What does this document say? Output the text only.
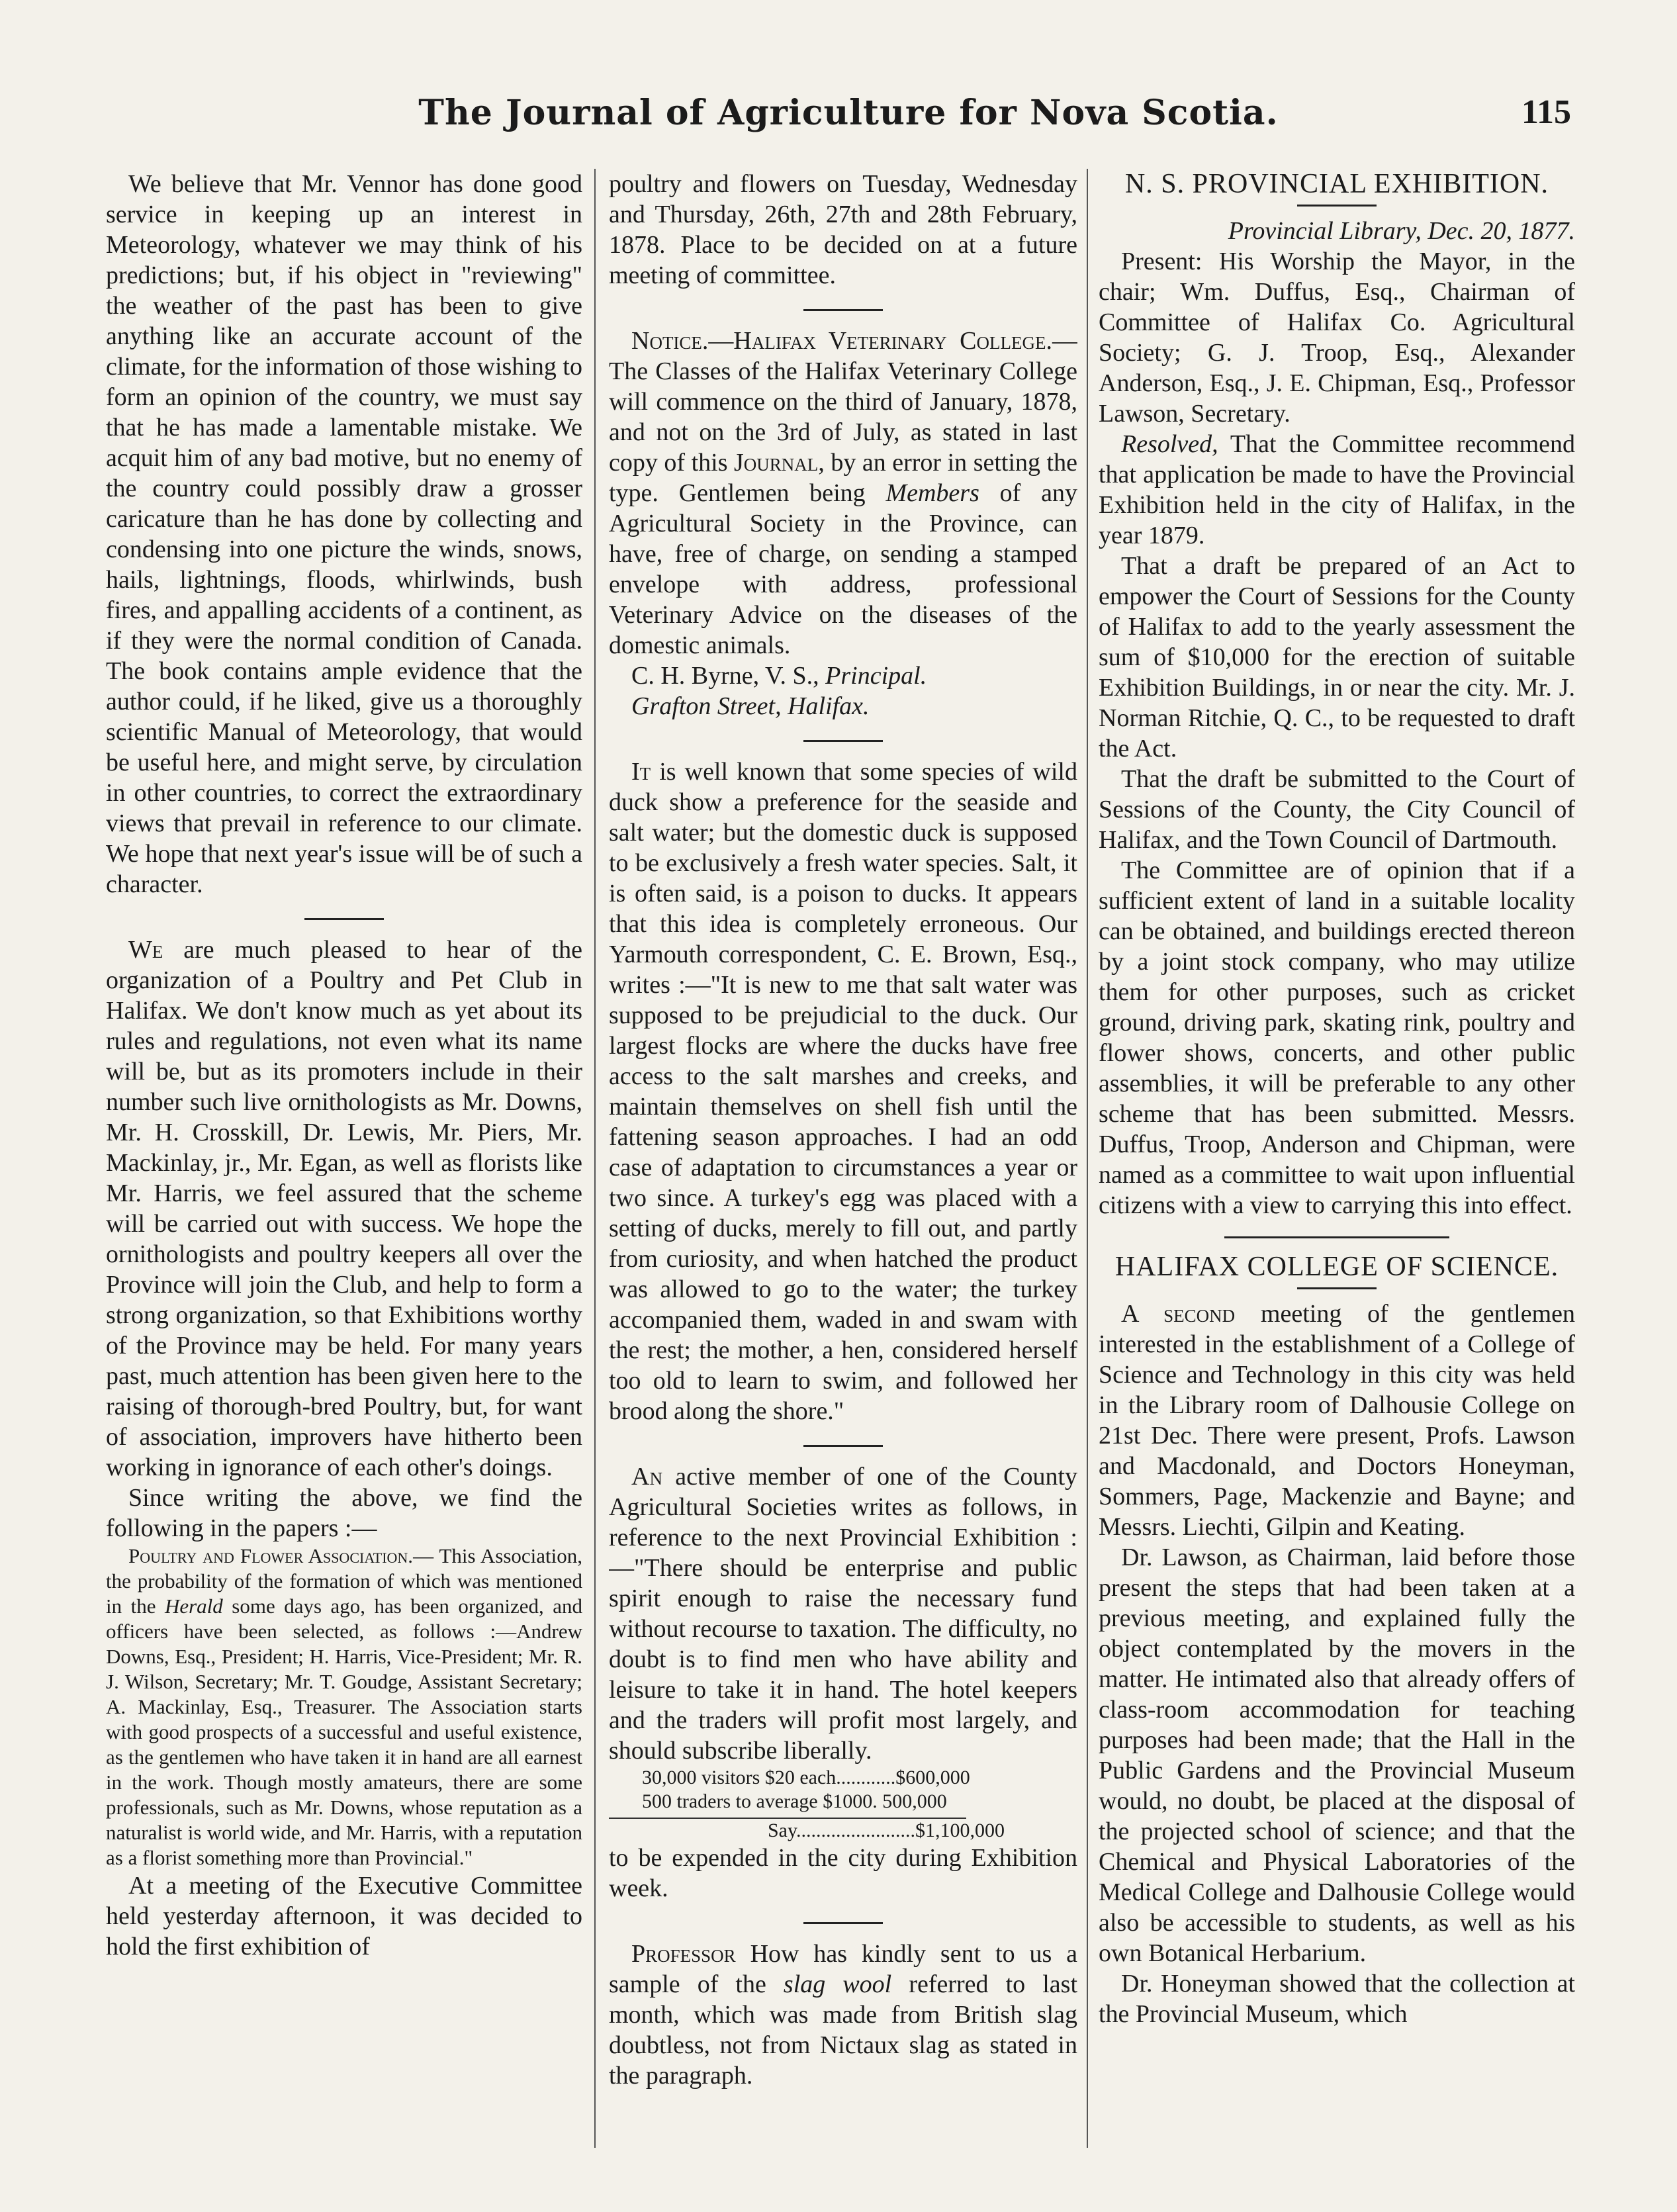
The Journal of Agriculture for Nova Scotia.	115

We believe that Mr. Vennor has done good service in keeping up an interest in Meteorology, whatever we may think of his predictions; but, if his object in "reviewing" the weather of the past has been to give anything like an accurate account of the climate, for the information of those wishing to form an opinion of the country, we must say that he has made a lamentable mistake. We acquit him of any bad motive, but no enemy of the country could possibly draw a grosser caricature than he has done by collecting and condensing into one picture the winds, snows, hails, lightnings, floods, whirlwinds, bush fires, and appalling accidents of a continent, as if they were the normal condition of Canada. The book contains ample evidence that the author could, if he liked, give us a thoroughly scientific Manual of Meteorology, that would be useful here, and might serve, by circulation in other countries, to correct the extraordinary views that prevail in reference to our climate. We hope that next year's issue will be of such a character.

We are much pleased to hear of the organization of a Poultry and Pet Club in Halifax. We don't know much as yet about its rules and regulations, not even what its name will be, but as its promoters include in their number such live ornithologists as Mr. Downs, Mr. H. Crosskill, Dr. Lewis, Mr. Piers, Mr. Mackinlay, jr., Mr. Egan, as well as florists like Mr. Harris, we feel assured that the scheme will be carried out with success. We hope the ornithologists and poultry keepers all over the Province will join the Club, and help to form a strong organization, so that Exhibitions worthy of the Province may be held. For many years past, much attention has been given here to the raising of thorough-bred Poultry, but, for want of association, improvers have hitherto been working in ignorance of each other's doings.

Since writing the above, we find the following in the papers :—

Poultry and Flower Association.— This Association, the probability of the formation of which was mentioned in the Herald some days ago, has been organized, and officers have been selected, as follows :—Andrew Downs, Esq., President; H. Harris, Vice-President; Mr. R. J. Wilson, Secretary; Mr. T. Goudge, Assistant Secretary; A. Mackinlay, Esq., Treasurer. The Association starts with good prospects of a successful and useful existence, as the gentlemen who have taken it in hand are all earnest in the work. Though mostly amateurs, there are some professionals, such as Mr. Downs, whose reputation as a naturalist is world wide, and Mr. Harris, with a reputation as a florist something more than Provincial."

At a meeting of the Executive Committee held yesterday afternoon, it was decided to hold the first exhibition of

poultry and flowers on Tuesday, Wednesday and Thursday, 26th, 27th and 28th February, 1878. Place to be decided on at a future meeting of committee.

Notice.—Halifax Veterinary College.—The Classes of the Halifax Veterinary College will commence on the third of January, 1878, and not on the 3rd of July, as stated in last copy of this Journal, by an error in setting the type. Gentlemen being Members of any Agricultural Society in the Province, can have, free of charge, on sending a stamped envelope with address, professional Veterinary Advice on the diseases of the domestic animals.

C. H. Byrne, V. S., Principal.

Grafton Street, Halifax.

It is well known that some species of wild duck show a preference for the seaside and salt water; but the domestic duck is supposed to be exclusively a fresh water species. Salt, it is often said, is a poison to ducks. It appears that this idea is completely erroneous. Our Yarmouth correspondent, C. E. Brown, Esq., writes :—"It is new to me that salt water was supposed to be prejudicial to the duck. Our largest flocks are where the ducks have free access to the salt marshes and creeks, and maintain themselves on shell fish until the fattening season approaches. I had an odd case of adaptation to circumstances a year or two since. A turkey's egg was placed with a setting of ducks, merely to fill out, and partly from curiosity, and when hatched the product was allowed to go to the water; the turkey accompanied them, waded in and swam with the rest; the mother, a hen, considered herself too old to learn to swim, and followed her brood along the shore."

An active member of one of the County Agricultural Societies writes as follows, in reference to the next Provincial Exhibition :—"There should be enterprise and public spirit enough to raise the necessary fund without recourse to taxation. The difficulty, no doubt is to find men who have ability and leisure to take it in hand. The hotel keepers and the traders will profit most largely, and should subscribe liberally.

30,000 visitors $20 each............$600,000
500 traders to average $1000. 500,000
Say........................$1,100,000

to be expended in the city during Exhibition week.

Professor How has kindly sent to us a sample of the slag wool referred to last month, which was made from British slag doubtless, not from Nictaux slag as stated in the paragraph.

N. S. PROVINCIAL EXHIBITION.

Provincial Library, Dec. 20, 1877.

Present: His Worship the Mayor, in the chair; Wm. Duffus, Esq., Chairman of Committee of Halifax Co. Agricultural Society; G. J. Troop, Esq., Alexander Anderson, Esq., J. E. Chipman, Esq., Professor Lawson, Secretary.

Resolved, That the Committee recommend that application be made to have the Provincial Exhibition held in the city of Halifax, in the year 1879.

That a draft be prepared of an Act to empower the Court of Sessions for the County of Halifax to add to the yearly assessment the sum of $10,000 for the erection of suitable Exhibition Buildings, in or near the city. Mr. J. Norman Ritchie, Q. C., to be requested to draft the Act.

That the draft be submitted to the Court of Sessions of the County, the City Council of Halifax, and the Town Council of Dartmouth.

The Committee are of opinion that if a sufficient extent of land in a suitable locality can be obtained, and buildings erected thereon by a joint stock company, who may utilize them for other purposes, such as cricket ground, driving park, skating rink, poultry and flower shows, concerts, and other public assemblies, it will be preferable to any other scheme that has been submitted. Messrs. Duffus, Troop, Anderson and Chipman, were named as a committee to wait upon influential citizens with a view to carrying this into effect.

HALIFAX COLLEGE OF SCIENCE.

A second meeting of the gentlemen interested in the establishment of a College of Science and Technology in this city was held in the Library room of Dalhousie College on 21st Dec. There were present, Profs. Lawson and Macdonald, and Doctors Honeyman, Sommers, Page, Mackenzie and Bayne; and Messrs. Liechti, Gilpin and Keating.

Dr. Lawson, as Chairman, laid before those present the steps that had been taken at a previous meeting, and explained fully the object contemplated by the movers in the matter. He intimated also that already offers of class-room accommodation for teaching purposes had been made; that the Hall in the Public Gardens and the Provincial Museum would, no doubt, be placed at the disposal of the projected school of science; and that the Chemical and Physical Laboratories of the Medical College and Dalhousie College would also be accessible to students, as well as his own Botanical Herbarium.

Dr. Honeyman showed that the collection at the Provincial Museum, which
